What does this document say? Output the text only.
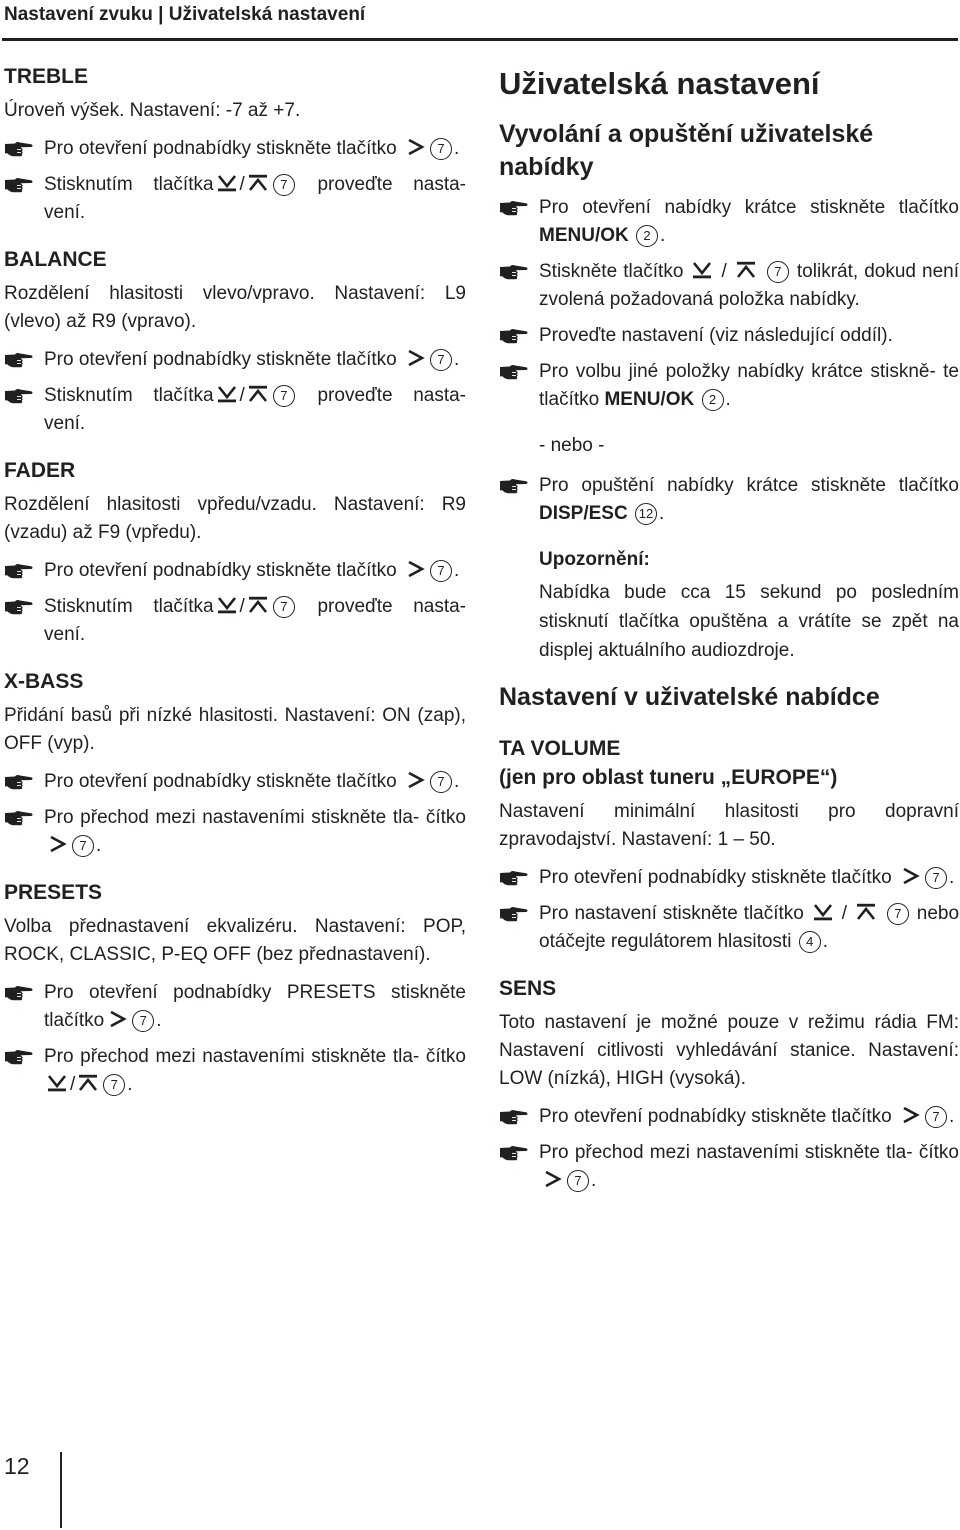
Nastavení zvuku | Uživatelská nastavení
TREBLE

Úroveň výšek. Nastavení: -7 až +7.

Pro otevření podnabídky stiskněte tlačítko	7 .
Stisknutím tlačítka /	7 proveďte nasta- vení.
BALANCE

Rozdělení hlasitosti vlevo/vpravo. Nastavení: L9 (vlevo) až R9 (vpravo).

Pro otevření podnabídky stiskněte tlačítko	7 .
Stisknutím tlačítka /	7 proveďte nasta- vení.
FADER

Rozdělení hlasitosti vpředu/vzadu. Nastavení: R9 (vzadu) až F9 (vpředu).

Pro otevření podnabídky stiskněte tlačítko	7 .
Stisknutím tlačítka /	7 proveďte nasta- vení.
X-BASS

Přidání basů při nízké hlasitosti. Nastavení: ON (zap), OFF (vyp).

Pro otevření podnabídky stiskněte tlačítko	7 .
Pro přechod mezi nastaveními stiskněte tla- čítko7 .
PRESETS

Volba přednastavení ekvalizéru. Nastavení: POP, ROCK, CLASSIC, P-EQ OFF (bez přednastavení).

Pro otevření podnabídky PRESETS stiskněte tlačítko	7 .
Pro přechod mezi nastaveními stiskněte tla- čítko/	7 .
Uživatelská nastavení
Vyvolání a opuštění uživatelské nabídky
Pro otevření nabídky krátce stiskněte tlačítko MENU/OK 2 .
Stiskněte tlačítko /	7 tolikrát, dokud není zvolená požadovaná položka nabídky.
Proveďte nastavení (viz následující oddíl).
Pro volbu jiné položky nabídky krátce stiskně- te tlačítko MENU/OK 2 .
- nebo -
Pro opuštění nabídky krátce stiskněte tlačítko DISP/ESC 12 .
Upozornění:
Nabídka bude cca 15 sekund po posledním stisknutí tlačítka opuštěna a vrátíte se zpět na displej aktuálního audiozdroje.
Nastavení v uživatelské nabídce
TA VOLUME
(jen pro oblast tuneru „EUROPE“)

Nastavení minimální hlasitosti pro dopravní zpravodajství. Nastavení: 1 – 50.

Pro otevření podnabídky stiskněte tlačítko	7 .
Pro nastavení stiskněte tlačítko /	7 nebo otáčejte regulátorem hlasitosti 4 .
SENS

Toto nastavení je možné pouze v režimu rádia FM: Nastavení citlivosti vyhledávání stanice. Nastavení: LOW (nízká), HIGH (vysoká).

Pro otevření podnabídky stiskněte tlačítko	7 .
Pro přechod mezi nastaveními stiskněte tla- čítko7 .
12
